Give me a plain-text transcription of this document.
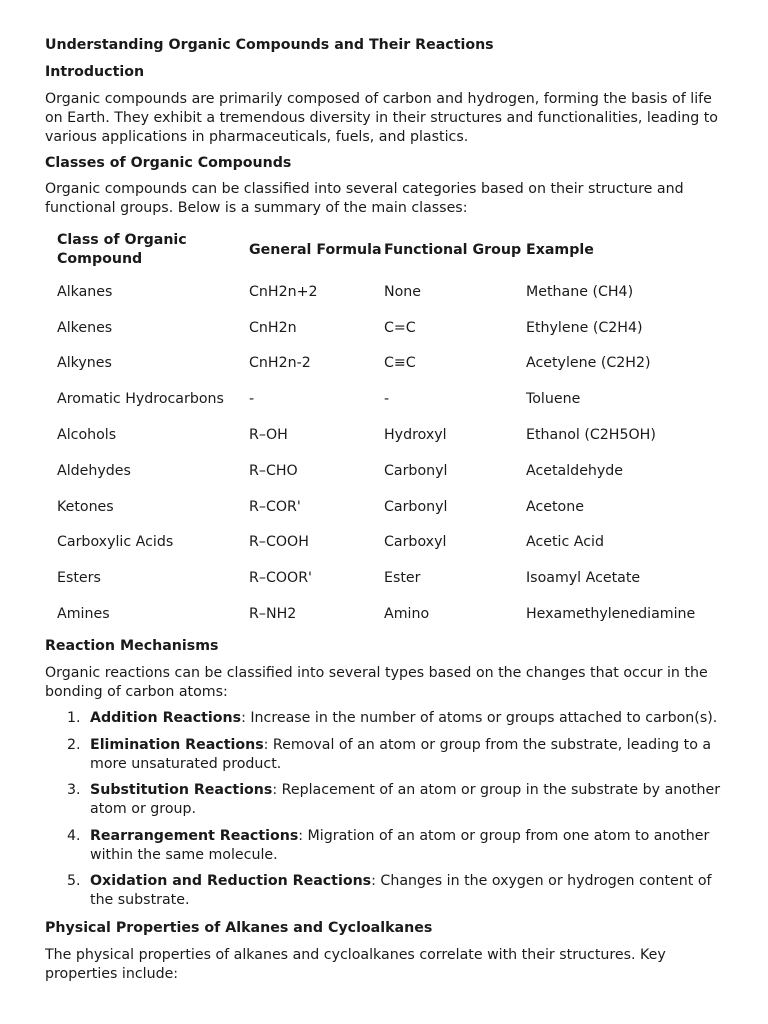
Understanding Organic Compounds and Their Reactions
Introduction

Organic compounds are primarily composed of carbon and hydrogen, forming the basis of life on Earth. They exhibit a tremendous diversity in their structures and functionalities, leading to various applications in pharmaceuticals, fuels, and plastics.

Classes of Organic Compounds

Organic compounds can be classified into several categories based on their structure and functional groups. Below is a summary of the main classes:

Class of Organic Compound	General Formula	Functional Group	Example
Alkanes	CnH2n+2	None	Methane (CH4)
Alkenes	CnH2n	C=C	Ethylene (C2H4)
Alkynes	CnH2n-2	C≡C	Acetylene (C2H2)
Aromatic Hydrocarbons	-	-	Toluene
Alcohols	R–OH	Hydroxyl	Ethanol (C2H5OH)
Aldehydes	R–CHO	Carbonyl	Acetaldehyde
Ketones	R–COR'	Carbonyl	Acetone
Carboxylic Acids	R–COOH	Carboxyl	Acetic Acid
Esters	R–COOR'	Ester	Isoamyl Acetate
Amines	R–NH2	Amino	Hexamethylenediamine
Reaction Mechanisms

Organic reactions can be classified into several types based on the changes that occur in the bonding of carbon atoms:

1. Addition Reactions: Increase in the number of atoms or groups attached to carbon(s).
2. Elimination Reactions: Removal of an atom or group from the substrate, leading to a more unsaturated product.
3. Substitution Reactions: Replacement of an atom or group in the substrate by another atom or group.
4. Rearrangement Reactions: Migration of an atom or group from one atom to another within the same molecule.
5. Oxidation and Reduction Reactions: Changes in the oxygen or hydrogen content of the substrate.
Physical Properties of Alkanes and Cycloalkanes

The physical properties of alkanes and cycloalkanes correlate with their structures. Key properties include:
